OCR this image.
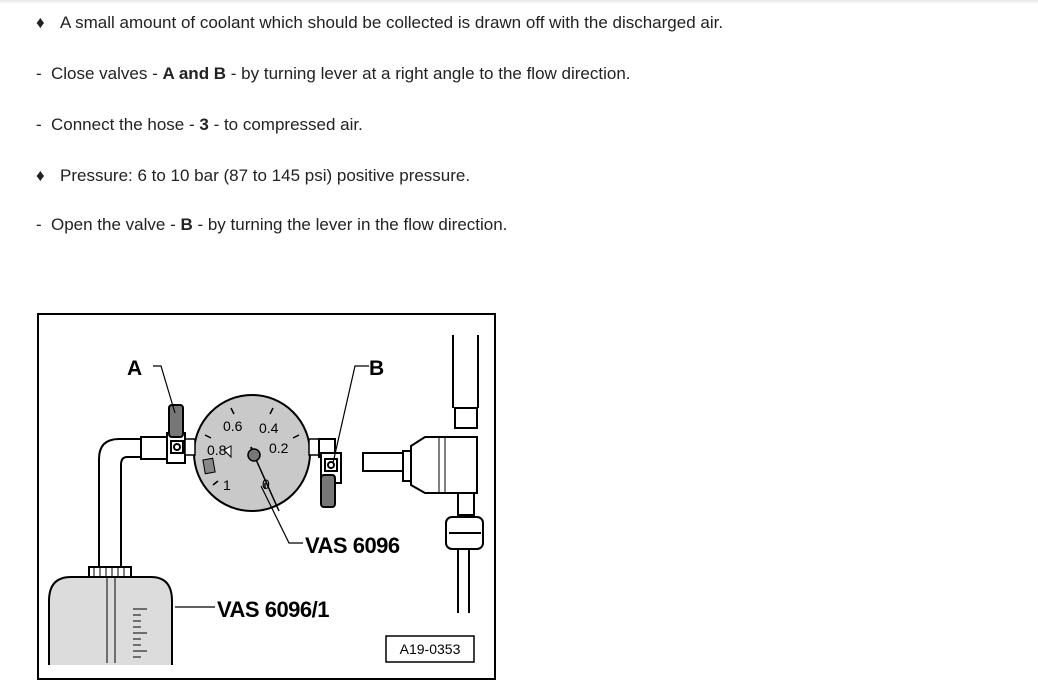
♦ A small amount of coolant which should be collected is drawn off with the discharged air.
- Close valves - A and B - by turning lever at a right angle to the flow direction.
- Connect the hose - 3 - to compressed air.
♦ Pressure: 6 to 10 bar (87 to 145 psi) positive pressure.
- Open the valve - B - by turning the lever in the flow direction.
0.6 0.4
0.8	0.2
1 0
A	B
VAS 6096
VAS 6096/1
A19-0353
